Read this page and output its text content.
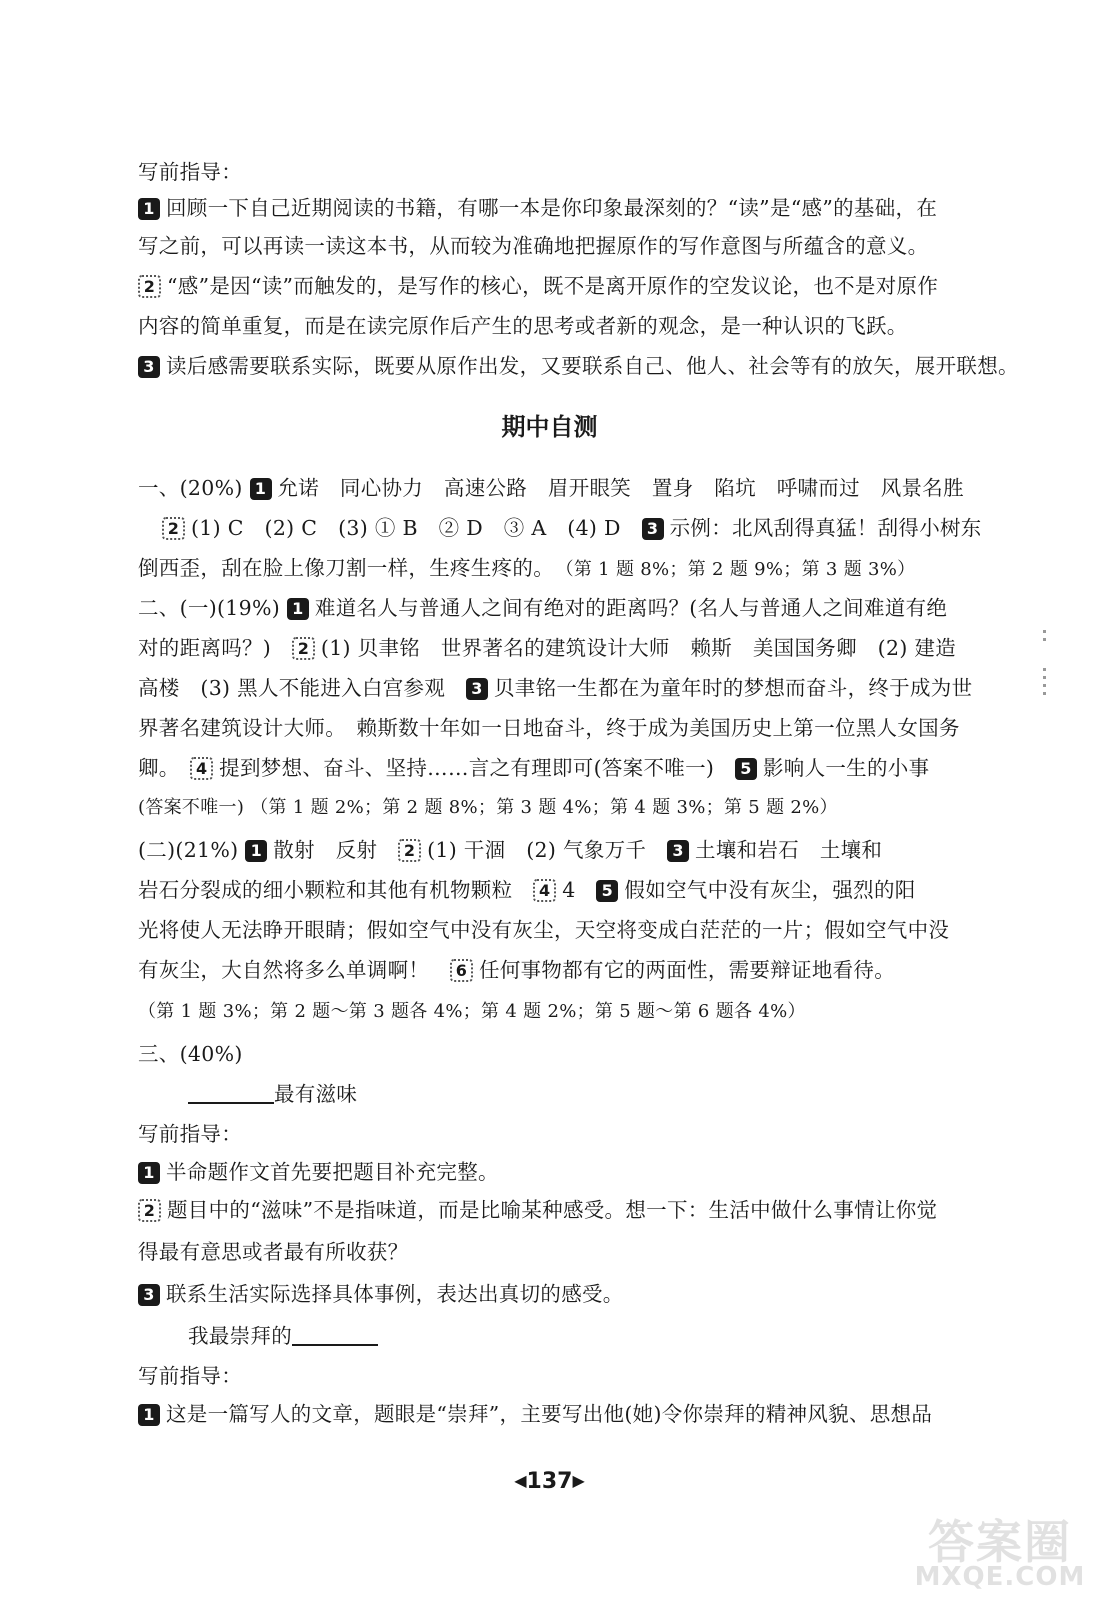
写前指导：
1 回顾一下自己近期阅读的书籍，有哪一本是你印象最深刻的？“读”是“感”的基础，在
写之前，可以再读一读这本书，从而较为准确地把握原作的写作意图与所蕴含的意义。
2 “感”是因“读”而触发的，是写作的核心，既不是离开原作的空发议论，也不是对原作
内容的简单重复，而是在读完原作后产生的思考或者新的观念，是一种认识的飞跃。
3 读后感需要联系实际，既要从原作出发，又要联系自己、他人、社会等有的放矢，展开联想。
期中自测
一、(20%) 1 允诺　同心协力　高速公路　眉开眼笑　置身　陷坑　呼啸而过　风景名胜
2 (1) C　(2) C　(3) ① B　② D　③ A　(4) D　 3 示例：北风刮得真猛！刮得小树东
倒西歪，刮在脸上像刀割一样，生疼生疼的。　 （第 1 题 8%；第 2 题 9%；第 3 题 3%）
二、(一)(19%) 1 难道名人与普通人之间有绝对的距离吗？(名人与普通人之间难道有绝
对的距离吗？)　 2 (1) 贝聿铭　世界著名的建筑设计大师　赖斯　美国国务卿　(2) 建造
高楼　(3) 黑人不能进入白宫参观　 3 贝聿铭一生都在为童年时的梦想而奋斗，终于成为世
界著名建筑设计大师。　赖斯数十年如一日地奋斗，终于成为美国历史上第一位黑人女国务
卿。　 4 提到梦想、奋斗、坚持……言之有理即可(答案不唯一)　 5 影响人一生的小事
(答案不唯一) （第 1 题 2%；第 2 题 8%；第 3 题 4%；第 4 题 3%；第 5 题 2%）
(二)(21%) 1 散射　反射　 2 (1) 干涸　(2) 气象万千　 3 土壤和岩石　土壤和
岩石分裂成的细小颗粒和其他有机物颗粒　 4 4　 5 假如空气中没有灰尘，强烈的阳
光将使人无法睁开眼睛；假如空气中没有灰尘，天空将变成白茫茫的一片；假如空气中没
有灰尘，大自然将多么单调啊！　 6 任何事物都有它的两面性，需要辩证地看待。
（第 1 题 3%；第 2 题～第 3 题各 4%；第 4 题 2%；第 5 题～第 6 题各 4%）
三、(40%)
最有滋味
写前指导：
1 半命题作文首先要把题目补充完整。
2 题目中的“滋味”不是指味道，而是比喻某种感受。想一下：生活中做什么事情让你觉
得最有意思或者最有所收获？
3 联系生活实际选择具体事例，表达出真切的感受。
我最崇拜的
写前指导：
1 这是一篇写人的文章，题眼是“崇拜”，主要写出他(她)令你崇拜的精神风貌、思想品
◀137▶
答案圈
MXQE.COM
